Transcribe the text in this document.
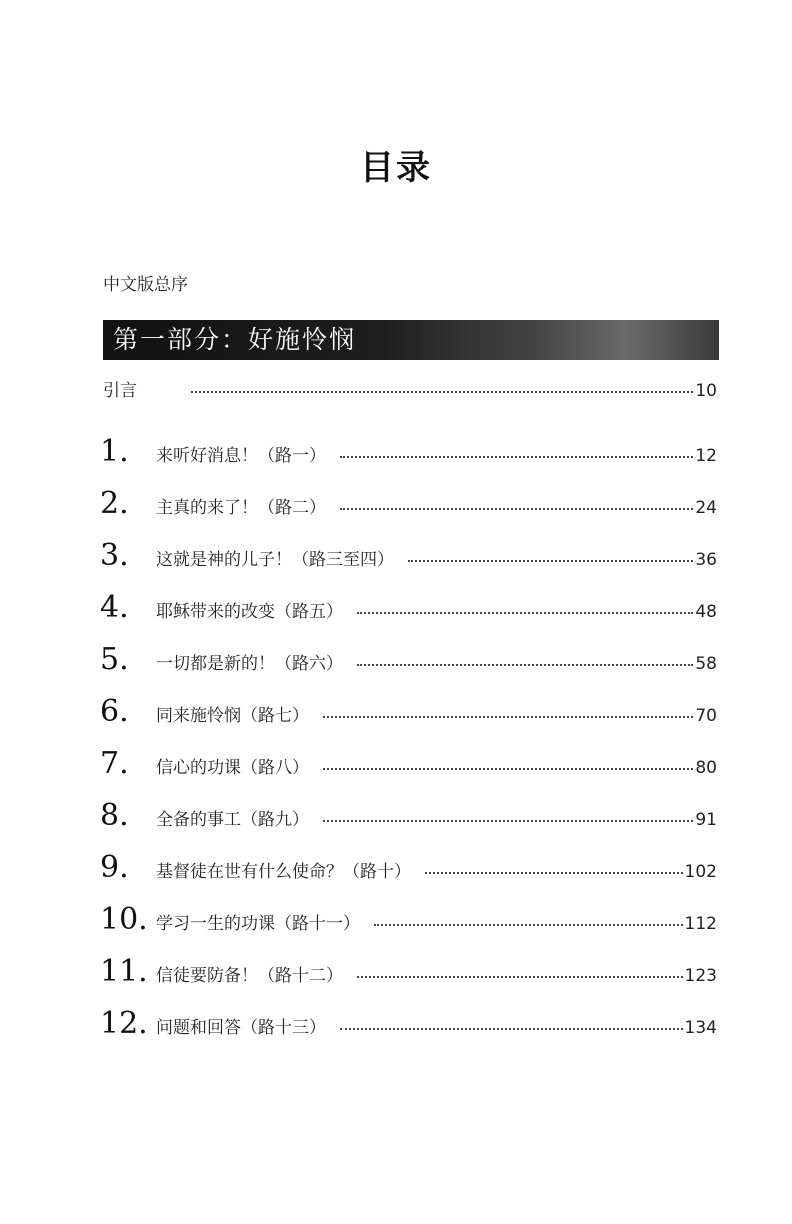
目录
中文版总序
第一部分：好施怜悯
引言	10
1.	来听好消息！（路一）	12
2.	主真的来了！（路二）	24
3.	这就是神的儿子！（路三至四）	36
4.	耶稣带来的改变（路五）	48
5.	一切都是新的！（路六）	58
6.	同来施怜悯（路七）	70
7.	信心的功课（路八）	80
8.	全备的事工（路九）	91
9.	基督徒在世有什么使命？（路十）	102
10. 学习一生的功课（路十一）	112
11. 信徒要防备！（路十二）	123
12. 问题和回答（路十三）	134
